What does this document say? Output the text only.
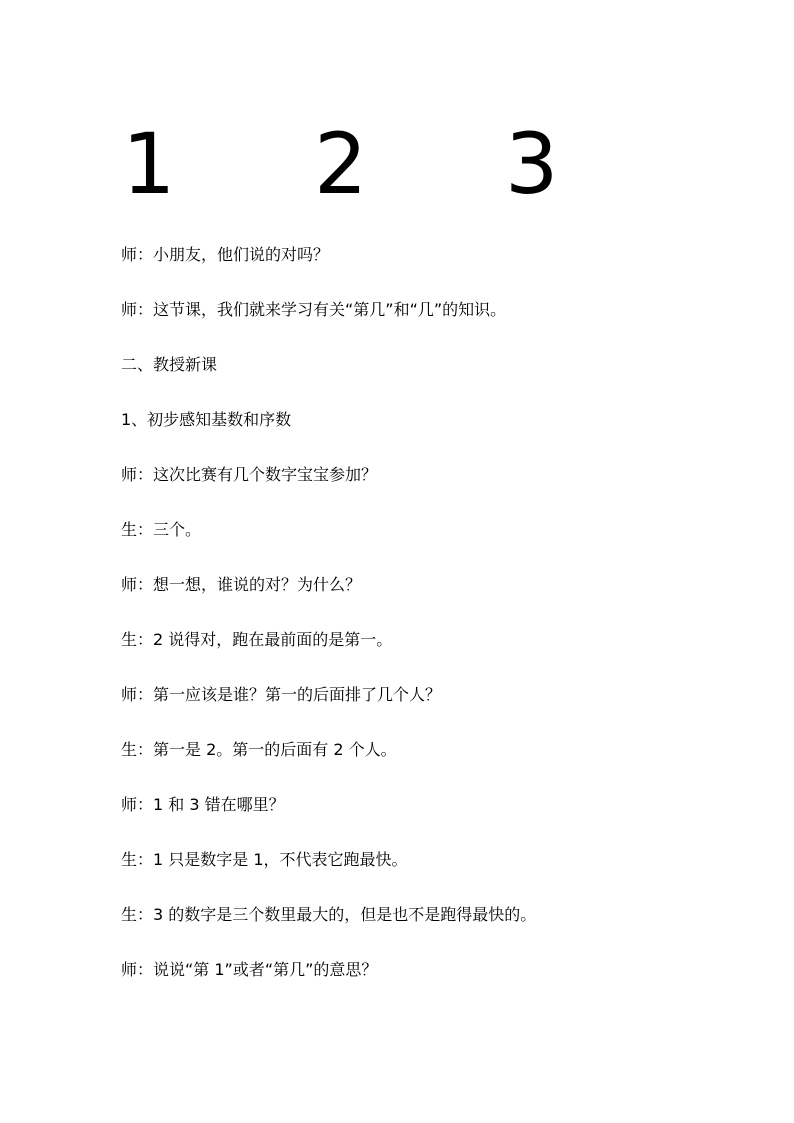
1 2 3
师：小朋友，他们说的对吗？
师：这节课，我们就来学习有关“第几”和“几”的知识。
二、教授新课
1、初步感知基数和序数
师：这次比赛有几个数字宝宝参加？
生：三个。
师：想一想，谁说的对？为什么？
生：2 说得对，跑在最前面的是第一。
师：第一应该是谁？第一的后面排了几个人？
生：第一是 2。第一的后面有 2 个人。
师：1 和 3 错在哪里？
生：1 只是数字是 1，不代表它跑最快。
生：3 的数字是三个数里最大的，但是也不是跑得最快的。
师：说说“第 1”或者“第几”的意思？
